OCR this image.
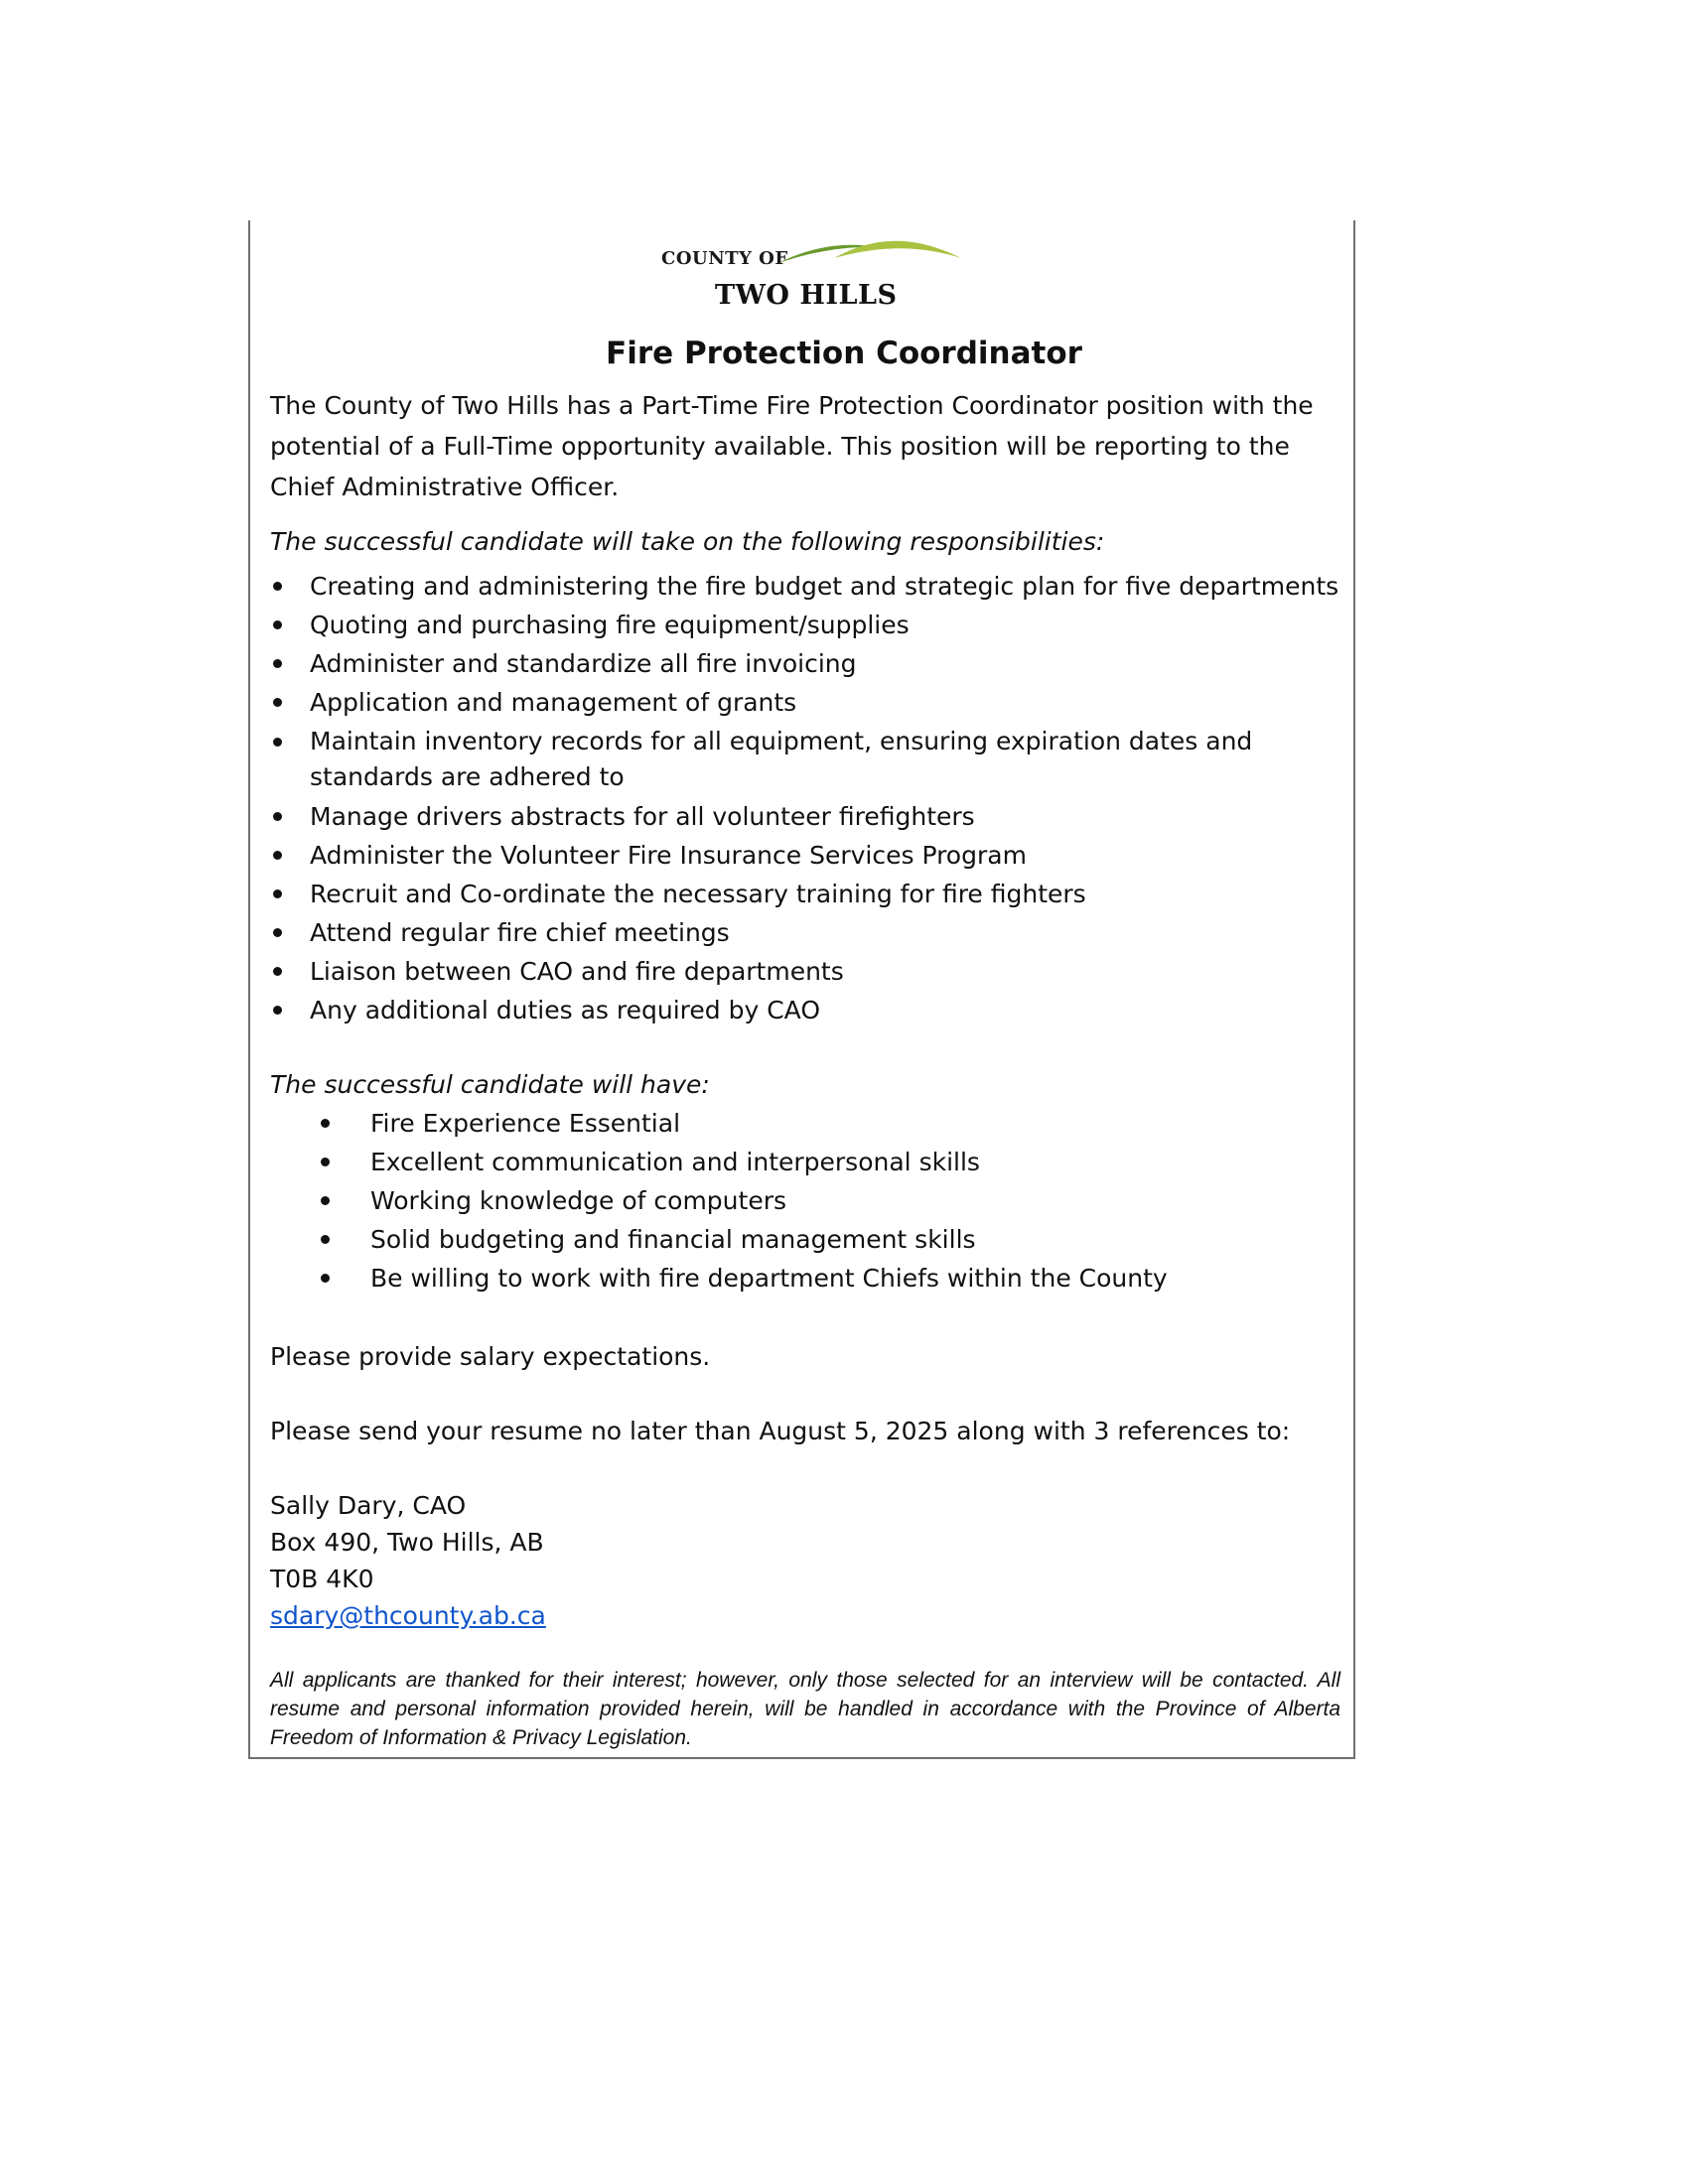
COUNTY OF
TWO HILLS
Fire Protection Coordinator
The County of Two Hills has a Part-Time Fire Protection Coordinator position with the potential of a Full-Time opportunity available. This position will be reporting to the Chief Administrative Officer.
The successful candidate will take on the following responsibilities:
Creating and administering the fire budget and strategic plan for five departments
Quoting and purchasing fire equipment/supplies
Administer and standardize all fire invoicing
Application and management of grants
Maintain inventory records for all equipment, ensuring expiration dates and standards are adhered to
Manage drivers abstracts for all volunteer firefighters
Administer the Volunteer Fire Insurance Services Program
Recruit and Co-ordinate the necessary training for fire fighters
Attend regular fire chief meetings
Liaison between CAO and fire departments
Any additional duties as required by CAO
The successful candidate will have:
Fire Experience Essential
Excellent communication and interpersonal skills
Working knowledge of computers
Solid budgeting and financial management skills
Be willing to work with fire department Chiefs within the County
Please provide salary expectations.
Please send your resume no later than August 5, 2025 along with 3 references to:
Sally Dary, CAO
Box 490, Two Hills, AB
T0B 4K0
sdary@thcounty.ab.ca
All applicants are thanked for their interest; however, only those selected for an interview will be contacted. All resume and personal information provided herein, will be handled in accordance with the Province of Alberta Freedom of Information & Privacy Legislation.
